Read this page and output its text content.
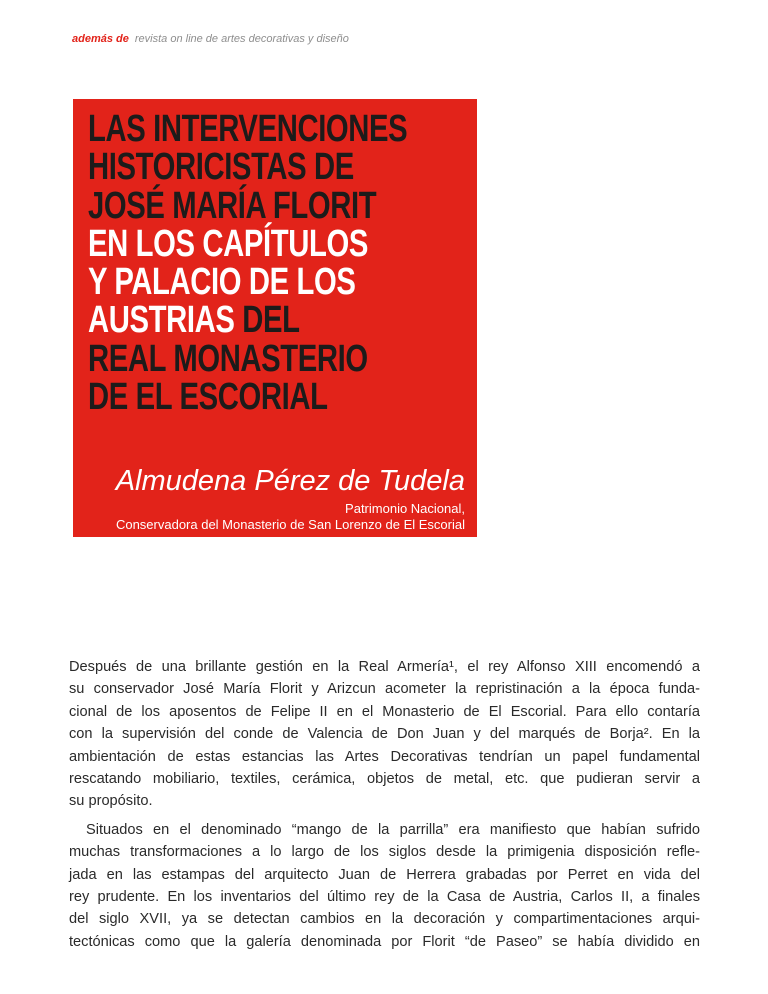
además de revista on line de artes decorativas y diseño
LAS INTERVENCIONES
HISTORICISTAS DE
JOSÉ MARÍA FLORIT
EN LOS CAPÍTULOS
Y PALACIO DE LOS
AUSTRIAS DEL
REAL MONASTERIO
DE EL ESCORIAL
Almudena Pérez de Tudela
Patrimonio Nacional,
Conservadora del Monasterio de San Lorenzo de El Escorial
Después de una brillante gestión en la Real Armería¹, el rey Alfonso XIII encomendó a
su conservador José María Florit y Arizcun acometer la repristinación a la época funda-
cional de los aposentos de Felipe II en el Monasterio de El Escorial. Para ello contaría
con la supervisión del conde de Valencia de Don Juan y del marqués de Borja². En la
ambientación de estas estancias las Artes Decorativas tendrían un papel fundamental
rescatando mobiliario, textiles, cerámica, objetos de metal, etc. que pudieran servir a
su propósito.
Situados en el denominado “mango de la parrilla” era manifiesto que habían sufrido
muchas transformaciones a lo largo de los siglos desde la primigenia disposición refle-
jada en las estampas del arquitecto Juan de Herrera grabadas por Perret en vida del
rey prudente. En los inventarios del último rey de la Casa de Austria, Carlos II, a finales
del siglo XVII, ya se detectan cambios en la decoración y compartimentaciones arqui-
tectónicas como que la galería denominada por Florit “de Paseo” se había dividido en
